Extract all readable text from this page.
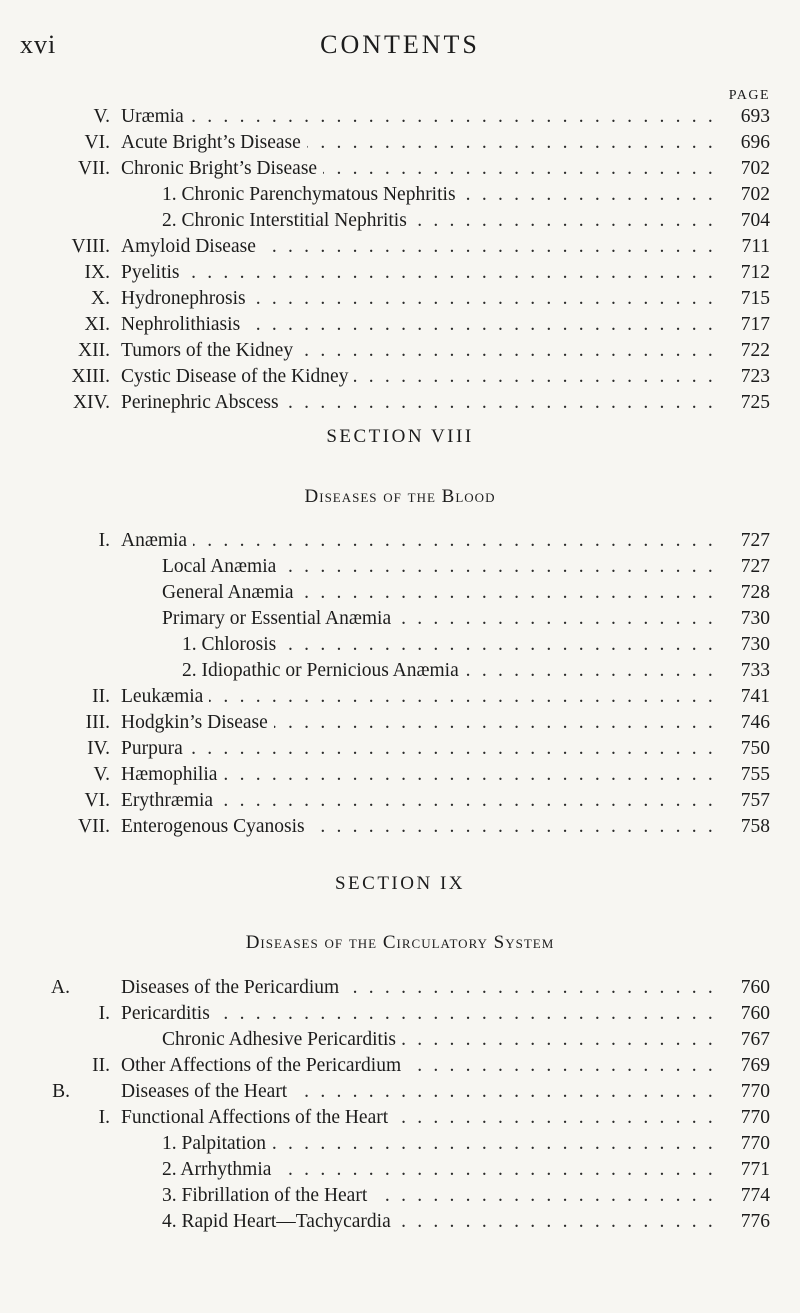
xvi	CONTENTS
PAGE
V. Uræmia . . .	693
VI. Acute Bright’s Disease . . .	696
VII. Chronic Bright’s Disease . . .	702
1. Chronic Parenchymatous Nephritis . . .	702
2. Chronic Interstitial Nephritis . . .	704
VIII. Amyloid Disease . . .	711
IX. Pyelitis . . .	712
X. Hydronephrosis . . .	715
XI. Nephrolithiasis . . .	717
XII. Tumors of the Kidney . . .	722
XIII. Cystic Disease of the Kidney . . .	723
XIV. Perinephric Abscess . . .	725
SECTION VIII
Diseases of the Blood
I. Anæmia . . .	727
Local Anæmia . . .	727
General Anæmia . . .	728
Primary or Essential Anæmia . . .	730
1. Chlorosis . . .	730
2. Idiopathic or Pernicious Anæmia . . .	733
II. Leukæmia . . .	741
III. Hodgkin’s Disease . . .	746
IV. Purpura . . .	750
V. Hæmophilia . . .	755
VI. Erythræmia . . .	757
VII. Enterogenous Cyanosis . . .	758
SECTION IX
Diseases of the Circulatory System
A.	Diseases of the Pericardium . . .	760
I. Pericarditis . . .	760
Chronic Adhesive Pericarditis . . .	767
II. Other Affections of the Pericardium . . .	769
B.	Diseases of the Heart . . .	770
I. Functional Affections of the Heart . . .	770
1. Palpitation . . .	770
2. Arrhythmia . . .	771
3. Fibrillation of the Heart . . .	774
4. Rapid Heart—Tachycardia . . .	776
